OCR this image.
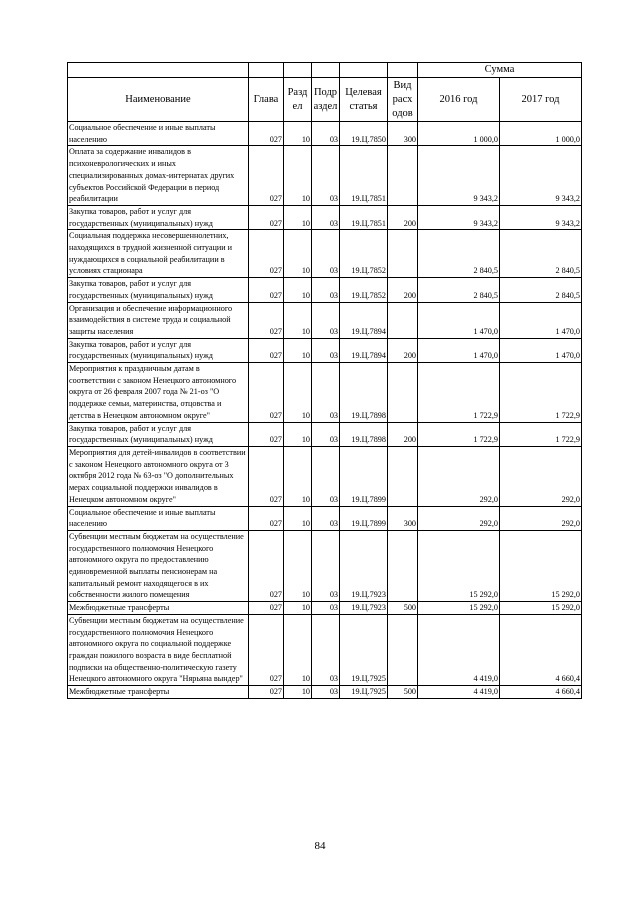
						Сумма	
Наименование	Глава	Разд ел	Подр аздел	Целевая статья	Вид расх одов	2016 год	2017 год
Социальное обеспечение и иные выплаты населению	027	10	03	19.Ц.7850	300	1 000,0	1 000,0
Оплата за содержание инвалидов в психоневрологических и иных специализированных домах-интернатах других субъектов Российской Федерации в период реабилитации	027	10	03	19.Ц.7851		9 343,2	9 343,2
Закупка товаров, работ и услуг для государственных (муниципальных) нужд	027	10	03	19.Ц.7851	200	9 343,2	9 343,2
Социальная поддержка несовершеннолетних, находящихся в трудной жизненной ситуации и нуждающихся в социальной реабилитации в условиях стационара	027	10	03	19.Ц.7852		2 840,5	2 840,5
Закупка товаров, работ и услуг для государственных (муниципальных) нужд	027	10	03	19.Ц.7852	200	2 840,5	2 840,5
Организация и обеспечение информационного взаимодействия в системе труда и социальной защиты населения	027	10	03	19.Ц.7894		1 470,0	1 470,0
Закупка товаров, работ и услуг для государственных (муниципальных) нужд	027	10	03	19.Ц.7894	200	1 470,0	1 470,0
Мероприятия к праздничным датам в соответствии с законом Ненецкого автономного округа от 26 февраля 2007 года № 21-оз "О поддержке семьи, материнства, отцовства и детства в Ненецком автономном округе"	027	10	03	19.Ц.7898		1 722,9	1 722,9
Закупка товаров, работ и услуг для государственных (муниципальных) нужд	027	10	03	19.Ц.7898	200	1 722,9	1 722,9
Мероприятия для детей-инвалидов в соответствии с законом Ненецкого автономного округа от 3 октября 2012 года № 63-оз "О дополнительных мерах социальной поддержки инвалидов в Ненецком автономном округе"	027	10	03	19.Ц.7899		292,0	292,0
Социальное обеспечение и иные выплаты населению	027	10	03	19.Ц.7899	300	292,0	292,0
Субвенции местным бюджетам на осуществление государственного полномочия Ненецкого автономного округа по предоставлению единовременной выплаты пенсионерам на капитальный ремонт находящегося в их собственности жилого помещения	027	10	03	19.Ц.7923		15 292,0	15 292,0
Межбюджетные трансферты	027	10	03	19.Ц.7923	500	15 292,0	15 292,0
Субвенции местным бюджетам на осуществление государственного полномочия Ненецкого автономного округа по социальной поддержке граждан пожилого возраста в виде бесплатной подписки на общественно-политическую газету Ненецкого автономного округа "Нярьяна вындер"	027	10	03	19.Ц.7925		4 419,0	4 660,4
Межбюджетные трансферты	027	10	03	19.Ц.7925	500	4 419,0	4 660,4
84
